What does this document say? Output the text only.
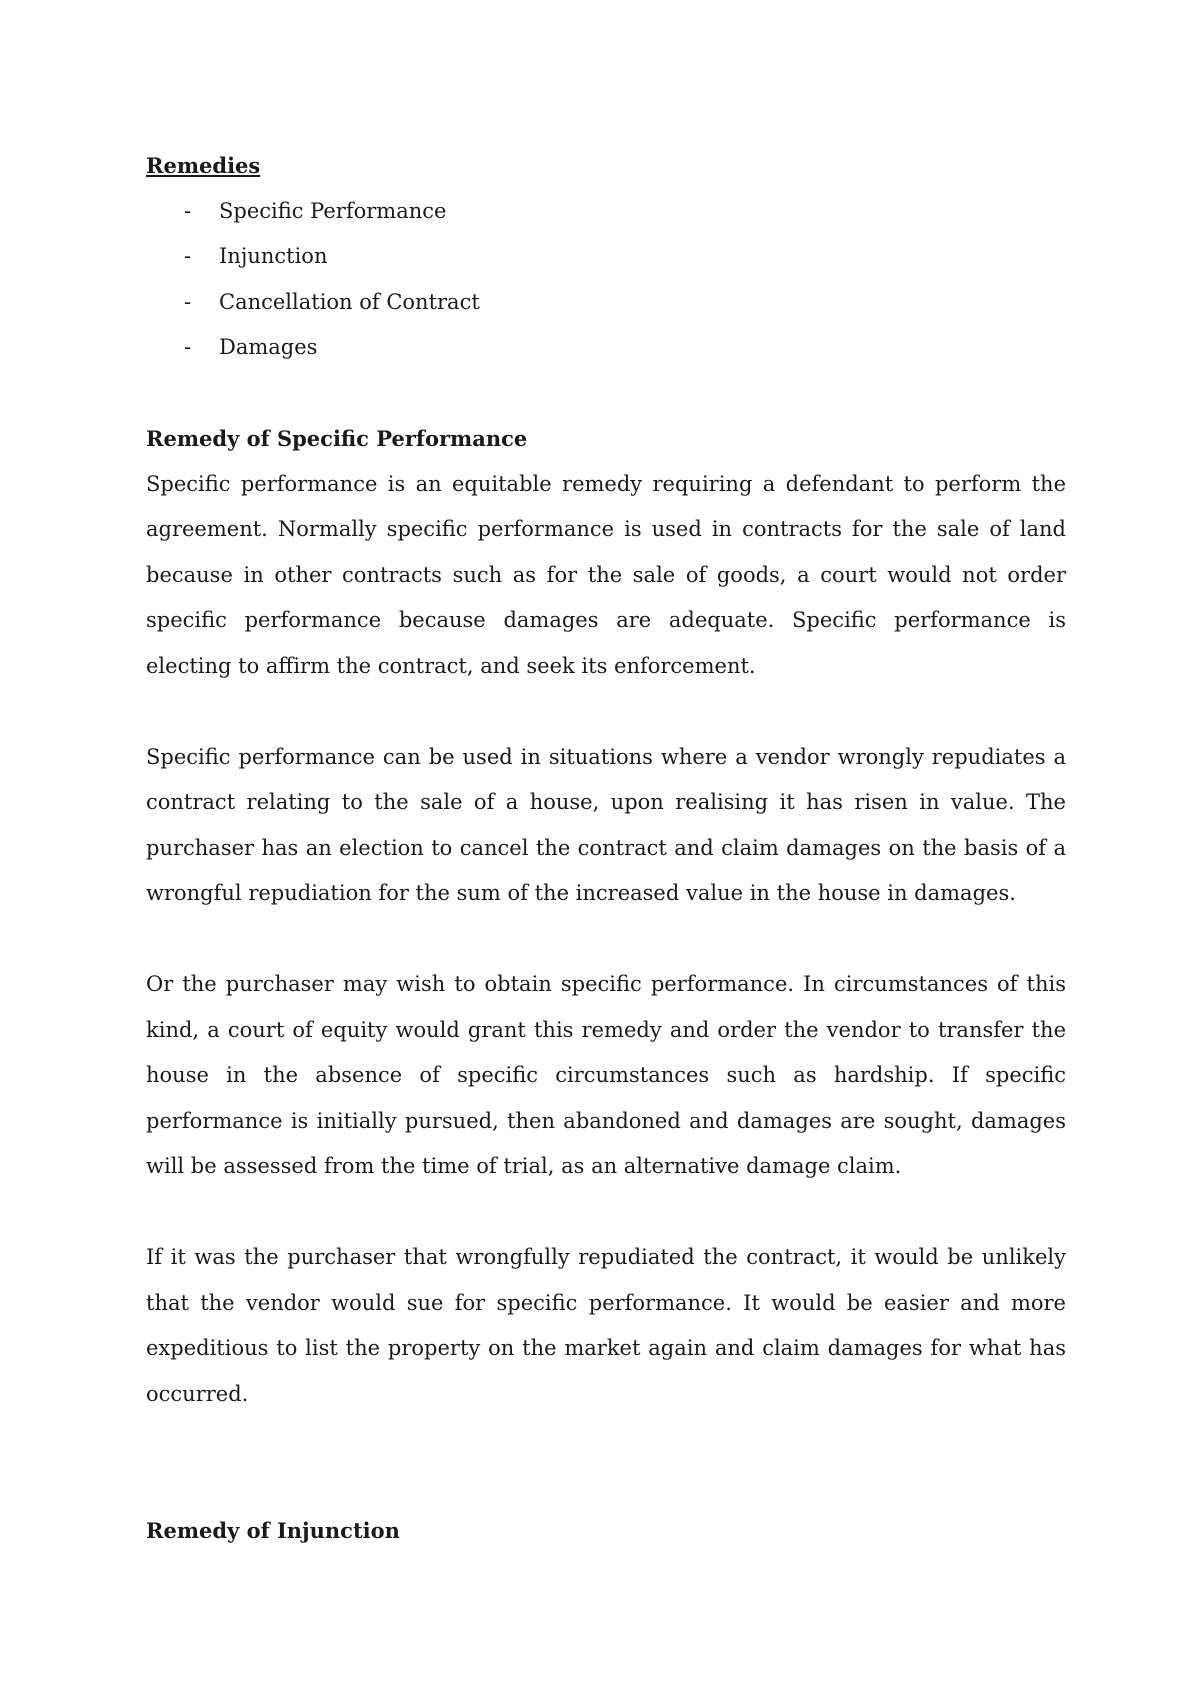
Remedies
- Specific Performance
- Injunction
- Cancellation of Contract
- Damages
Remedy of Specific Performance

Specific performance is an equitable remedy requiring a defendant to perform the agreement. Normally specific performance is used in contracts for the sale of land because in other contracts such as for the sale of goods, a court would not order specific performance because damages are adequate. Specific performance is electing to affirm the contract, and seek its enforcement.

Specific performance can be used in situations where a vendor wrongly repudiates a contract relating to the sale of a house, upon realising it has risen in value. The purchaser has an election to cancel the contract and claim damages on the basis of a wrongful repudiation for the sum of the increased value in the house in damages.

Or the purchaser may wish to obtain specific performance. In circumstances of this kind, a court of equity would grant this remedy and order the vendor to transfer the house in the absence of specific circumstances such as hardship. If specific performance is initially pursued, then abandoned and damages are sought, damages will be assessed from the time of trial, as an alternative damage claim.

If it was the purchaser that wrongfully repudiated the contract, it would be unlikely that the vendor would sue for specific performance. It would be easier and more expeditious to list the property on the market again and claim damages for what has occurred.

Remedy of Injunction
